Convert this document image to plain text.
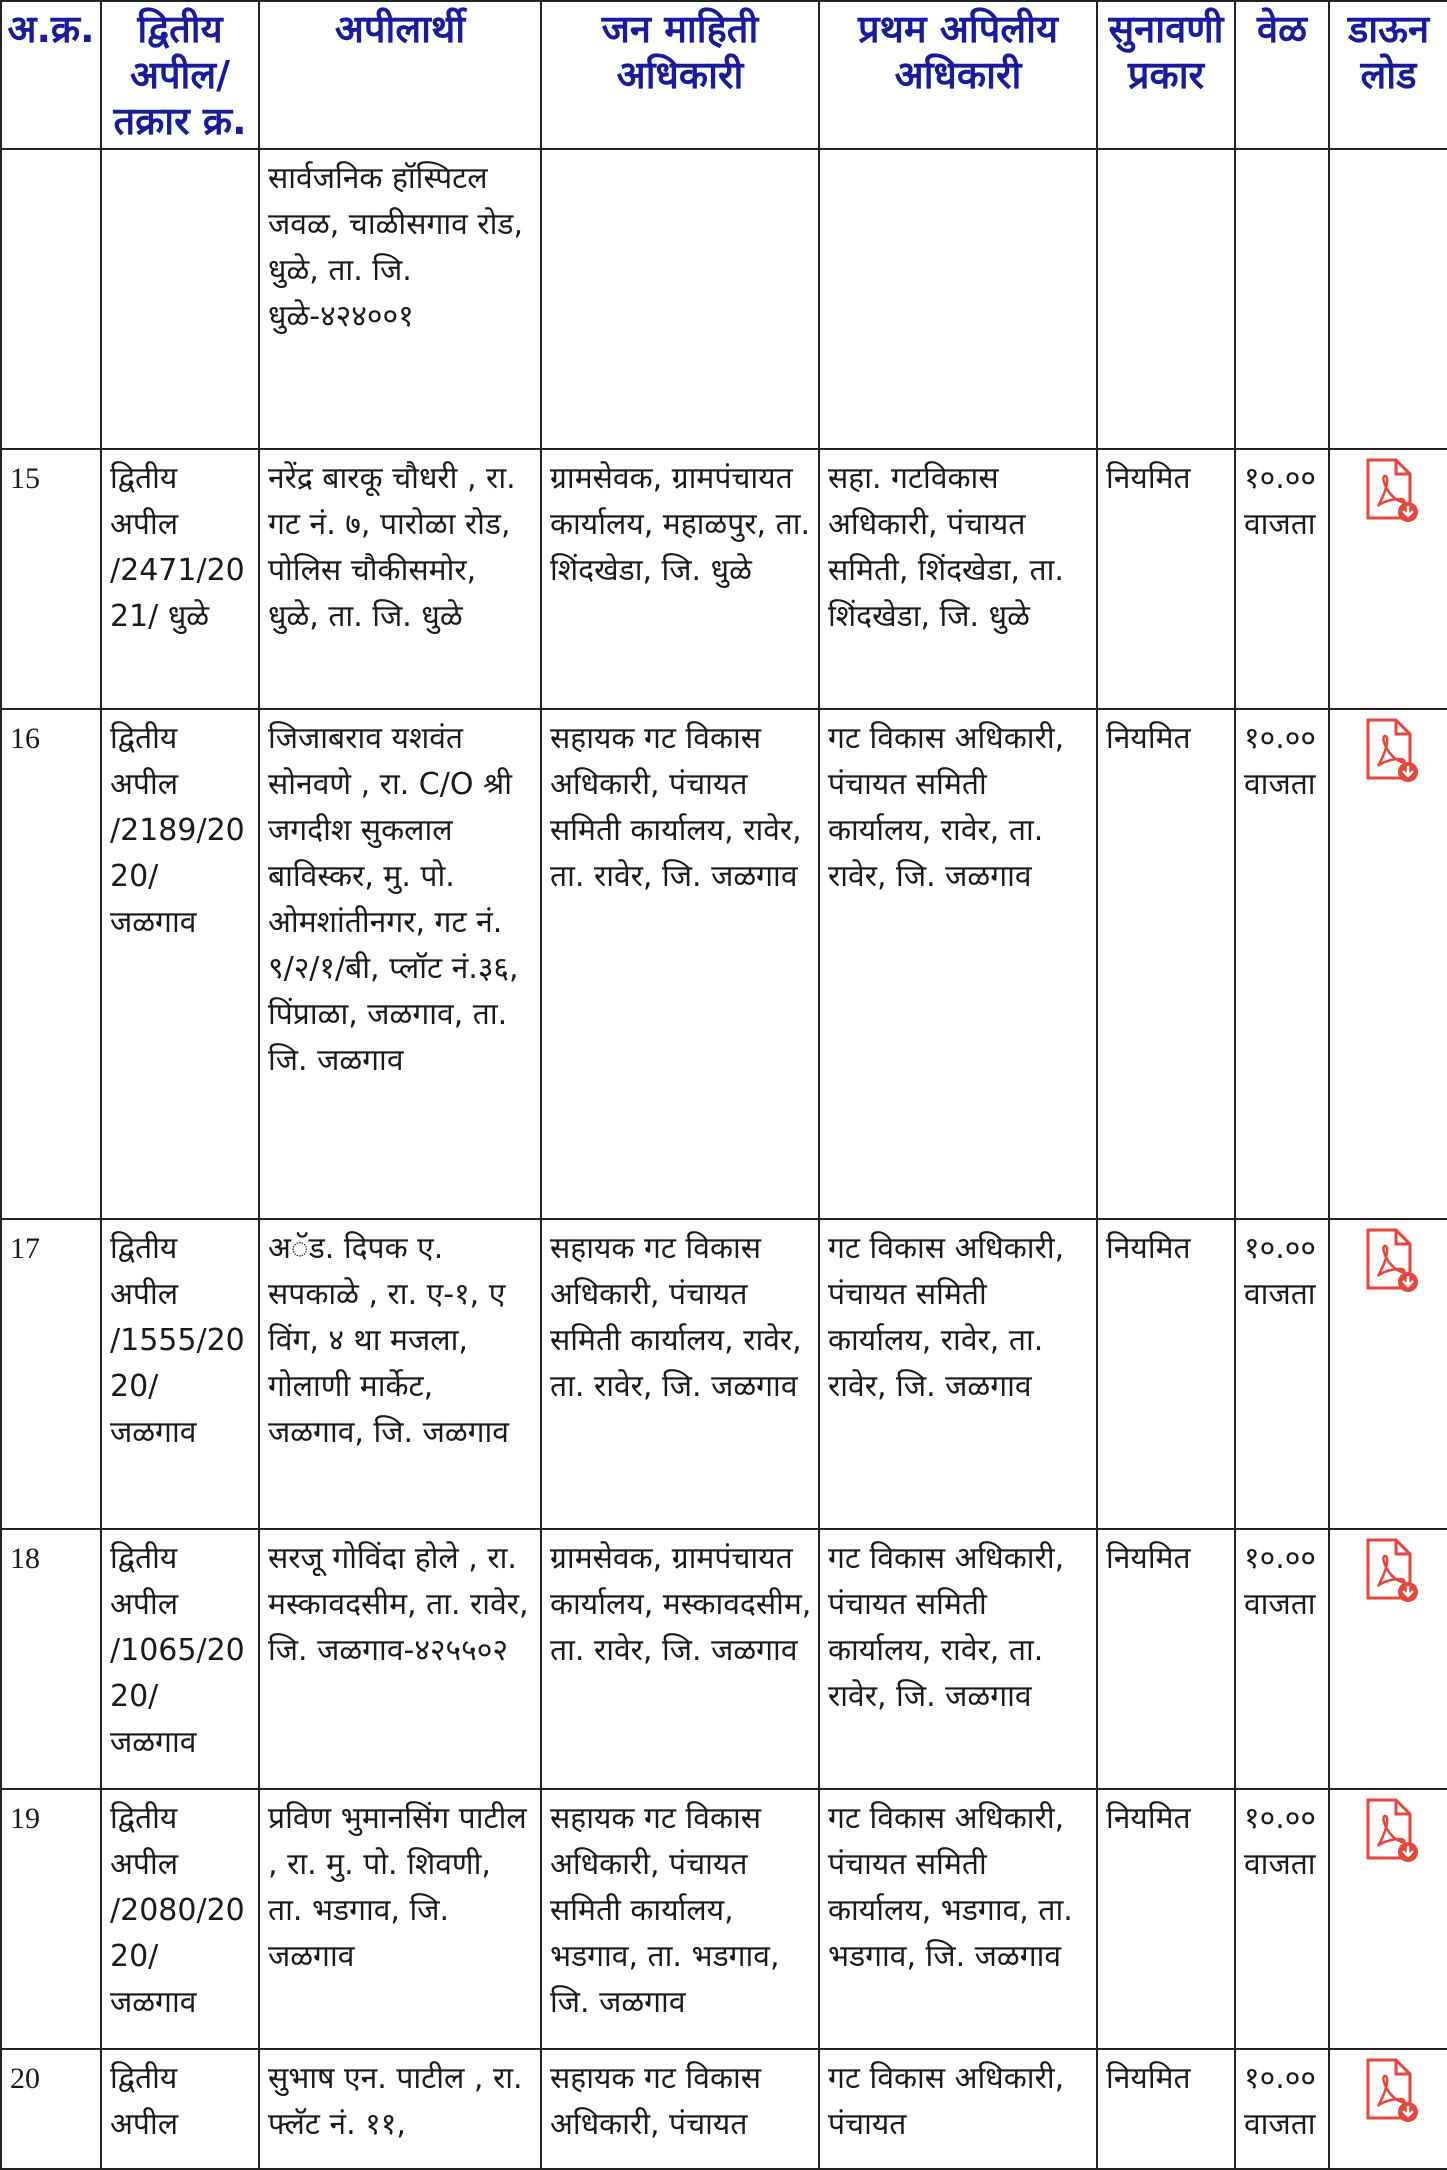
अ.क्र.	द्वितीय अपील/ तक्रार क्र.	अपीलार्थी	जन माहिती अधिकारी	प्रथम अपिलीय अधिकारी	सुनावणी प्रकार	वेळ	डाऊन लोड
		सार्वजनिक हॉस्पिटल जवळ, चाळीसगाव रोड, धुळे, ता. जि. धुळे-४२४००१					
15	द्वितीय अपील /2471/2021/ धुळे	नरेंद्र बारकू चौधरी , रा. गट नं. ७, पारोळा रोड, पोलिस चौकीसमोर, धुळे, ता. जि. धुळे	ग्रामसेवक, ग्रामपंचायत कार्यालय, महाळपुर, ता. शिंदखेडा, जि. धुळे	सहा. गटविकास अधिकारी, पंचायत समिती, शिंदखेडा, ता. शिंदखेडा, जि. धुळे	नियमित	१०.०० वाजता	

16	द्वितीय अपील /2189/2020/ जळगाव	जिजाबराव यशवंत सोनवणे , रा. C/O श्री जगदीश सुकलाल बाविस्कर, मु. पो. ओमशांतीनगर, गट नं. ९/२/१/बी, प्लॉट नं.३६, पिंप्राळा, जळगाव, ता. जि. जळगाव	सहायक गट विकास अधिकारी, पंचायत समिती कार्यालय, रावेर, ता. रावेर, जि. जळगाव	गट विकास अधिकारी, पंचायत समिती कार्यालय, रावेर, ता. रावेर, जि. जळगाव	नियमित	१०.०० वाजता	

17	द्वितीय अपील /1555/2020/ जळगाव	अॅड. दिपक ए. सपकाळे , रा. ए-१, ए विंग, ४ था मजला, गोलाणी मार्केट, जळगाव, जि. जळगाव	सहायक गट विकास अधिकारी, पंचायत समिती कार्यालय, रावेर, ता. रावेर, जि. जळगाव	गट विकास अधिकारी, पंचायत समिती कार्यालय, रावेर, ता. रावेर, जि. जळगाव	नियमित	१०.०० वाजता	

18	द्वितीय अपील /1065/2020/ जळगाव	सरजू गोविंदा होले , रा. मस्कावदसीम, ता. रावेर, जि. जळगाव-४२५५०२	ग्रामसेवक, ग्रामपंचायत कार्यालय, मस्कावदसीम, ता. रावेर, जि. जळगाव	गट विकास अधिकारी, पंचायत समिती कार्यालय, रावेर, ता. रावेर, जि. जळगाव	नियमित	१०.०० वाजता	

19	द्वितीय अपील /2080/2020/ जळगाव	प्रविण भुमानसिंग पाटील , रा. मु. पो. शिवणी, ता. भडगाव, जि. जळगाव	सहायक गट विकास अधिकारी, पंचायत समिती कार्यालय, भडगाव, ता. भडगाव, जि. जळगाव	गट विकास अधिकारी, पंचायत समिती कार्यालय, भडगाव, ता. भडगाव, जि. जळगाव	नियमित	१०.०० वाजता	

20	द्वितीय अपील	सुभाष एन. पाटील , रा. फ्लॅट नं. ११,	सहायक गट विकास अधिकारी, पंचायत	गट विकास अधिकारी, पंचायत	नियमित	१०.०० वाजता	
